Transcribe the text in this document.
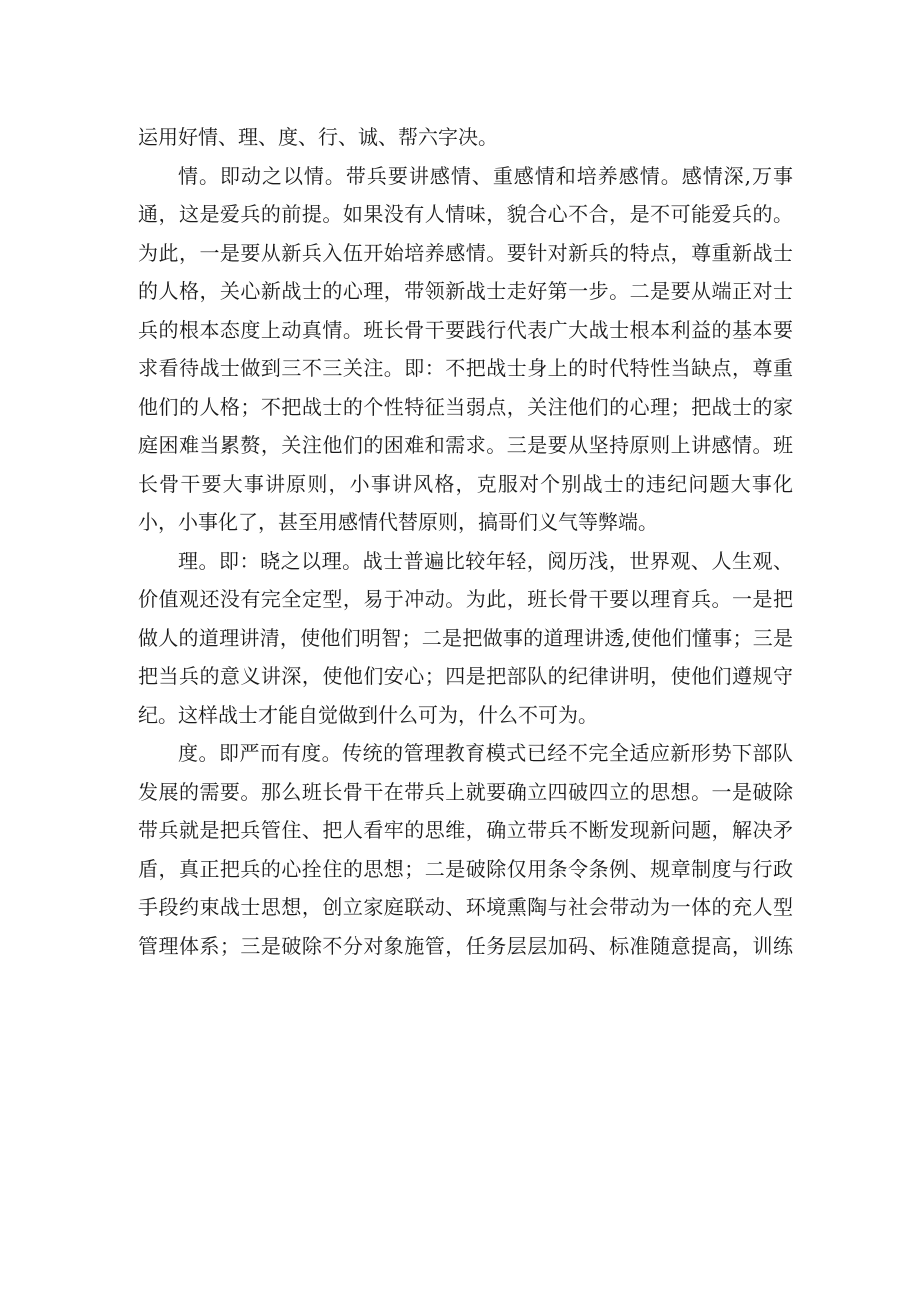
运用好情、理、度、行、诚、帮六字决。
情。即动之以情。带兵要讲感情、重感情和培养感情。感情深,万事
通，这是爱兵的前提。如果没有人情味，貌合心不合，是不可能爱兵的。
为此，一是要从新兵入伍开始培养感情。要针对新兵的特点，尊重新战士
的人格，关心新战士的心理，带领新战士走好第一步。二是要从端正对士
兵的根本态度上动真情。班长骨干要践行代表广大战士根本利益的基本要
求看待战士做到三不三关注。即：不把战士身上的时代特性当缺点，尊重
他们的人格；不把战士的个性特征当弱点，关注他们的心理；把战士的家
庭困难当累赘，关注他们的困难和需求。三是要从坚持原则上讲感情。班
长骨干要大事讲原则，小事讲风格，克服对个别战士的违纪问题大事化
小，小事化了，甚至用感情代替原则，搞哥们义气等弊端。
理。即：晓之以理。战士普遍比较年轻，阅历浅，世界观、人生观、
价值观还没有完全定型，易于冲动。为此，班长骨干要以理育兵。一是把
做人的道理讲清，使他们明智；二是把做事的道理讲透,使他们懂事；三是
把当兵的意义讲深，使他们安心；四是把部队的纪律讲明，使他们遵规守
纪。这样战士才能自觉做到什么可为，什么不可为。
度。即严而有度。传统的管理教育模式已经不完全适应新形势下部队
发展的需要。那么班长骨干在带兵上就要确立四破四立的思想。一是破除
带兵就是把兵管住、把人看牢的思维，确立带兵不断发现新问题，解决矛
盾，真正把兵的心拴住的思想；二是破除仅用条令条例、规章制度与行政
手段约束战士思想，创立家庭联动、环境熏陶与社会带动为一体的充人型
管理体系；三是破除不分对象施管，任务层层加码、标准随意提高，训练
